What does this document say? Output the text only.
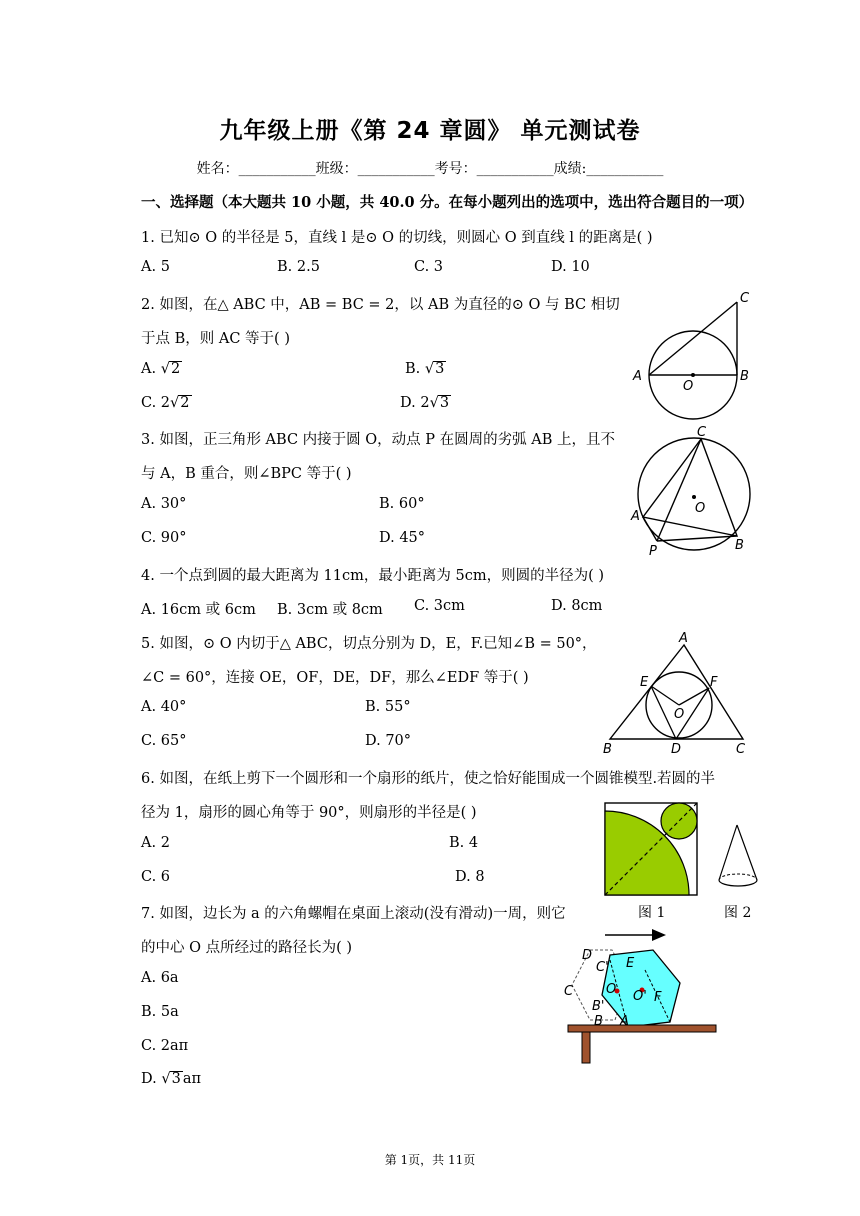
九年级上册《第 24 章圆》 单元测试卷
姓名：___________班级：___________考号：___________成绩:___________
一、选择题（本大题共 10 小题，共 40.0 分。在每小题列出的选项中，选出符合题目的一项）
1. 已知⊙ O 的半径是 5，直线 l 是⊙ O 的切线，则圆心 O 到直线 l 的距离是( )
A. 5	B. 2.5	C. 3	D. 10
2. 如图，在△ ABC 中，AB = BC = 2，以 AB 为直径的⊙ O 与 BC 相切
于点 B，则 AC 等于( )
A. √2	B. √3
C. 2√2	D. 2√3
A
O
B
C
3. 如图，正三角形 ABC 内接于圆 O，动点 P 在圆周的劣弧 AB 上，且不
与 A，B 重合，则∠BPC 等于( )
A. 30°	B. 60°
C. 90°	D. 45°
C
O
A
P	B
4. 一个点到圆的最大距离为 11cm，最小距离为 5cm，则圆的半径为( )
A. 16cm 或 6cm B. 3cm 或 8cm C. 3cm	D. 8cm
5. 如图，⊙ O 内切于△ ABC，切点分别为 D，E，F.已知∠B = 50°，
∠C = 60°，连接 OE，OF，DE，DF，那么∠EDF 等于( )
A. 40°	B. 55°
C. 65°	D. 70°
A
E	F
O
B	D	C
6. 如图，在纸上剪下一个圆形和一个扇形的纸片，使之恰好能围成一个圆锥模型.若圆的半
径为 1，扇形的圆心角等于 90°，则扇形的半径是( )
A. 2	B. 4
C. 6	D. 8
图 1	图 2
7. 如图，边长为 a 的六角螺帽在桌面上滚动(没有滑动)一周，则它
的中心 O 点所经过的路径长为( )
A. 6a
B. 5a
C. 2aπ
D. √3 aπ
D
C' E
C
B'
B
O O' F
A
第 1页，共 11页
